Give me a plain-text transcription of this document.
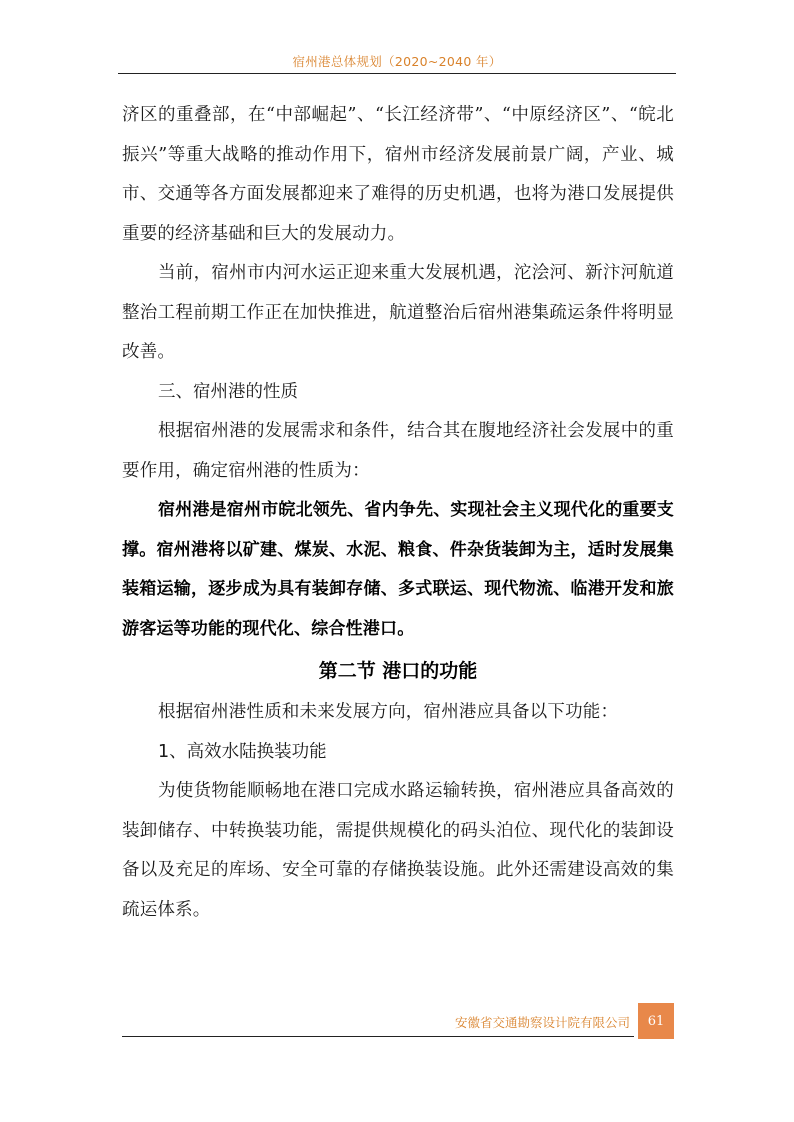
宿州港总体规划（2020~2040 年）

济区的重叠部，在“中部崛起”、“长江经济带”、“中原经济区”、“皖北振兴”等重大战略的推动作用下，宿州市经济发展前景广阔，产业、城市、交通等各方面发展都迎来了难得的历史机遇，也将为港口发展提供重要的经济基础和巨大的发展动力。

当前，宿州市内河水运正迎来重大发展机遇，沱浍河、新汴河航道整治工程前期工作正在加快推进，航道整治后宿州港集疏运条件将明显改善。

三、宿州港的性质

根据宿州港的发展需求和条件，结合其在腹地经济社会发展中的重要作用，确定宿州港的性质为：

宿州港是宿州市皖北领先、省内争先、实现社会主义现代化的重要支撑。宿州港将以矿建、煤炭、水泥、粮食、件杂货装卸为主，适时发展集装箱运输，逐步成为具有装卸存储、多式联运、现代物流、临港开发和旅游客运等功能的现代化、综合性港口。

第二节 港口的功能

根据宿州港性质和未来发展方向，宿州港应具备以下功能：

1、高效水陆换装功能

为使货物能顺畅地在港口完成水路运输转换，宿州港应具备高效的装卸储存、中转换装功能，需提供规模化的码头泊位、现代化的装卸设备以及充足的库场、安全可靠的存储换装设施。此外还需建设高效的集疏运体系。

安徽省交通勘察设计院有限公司	61
